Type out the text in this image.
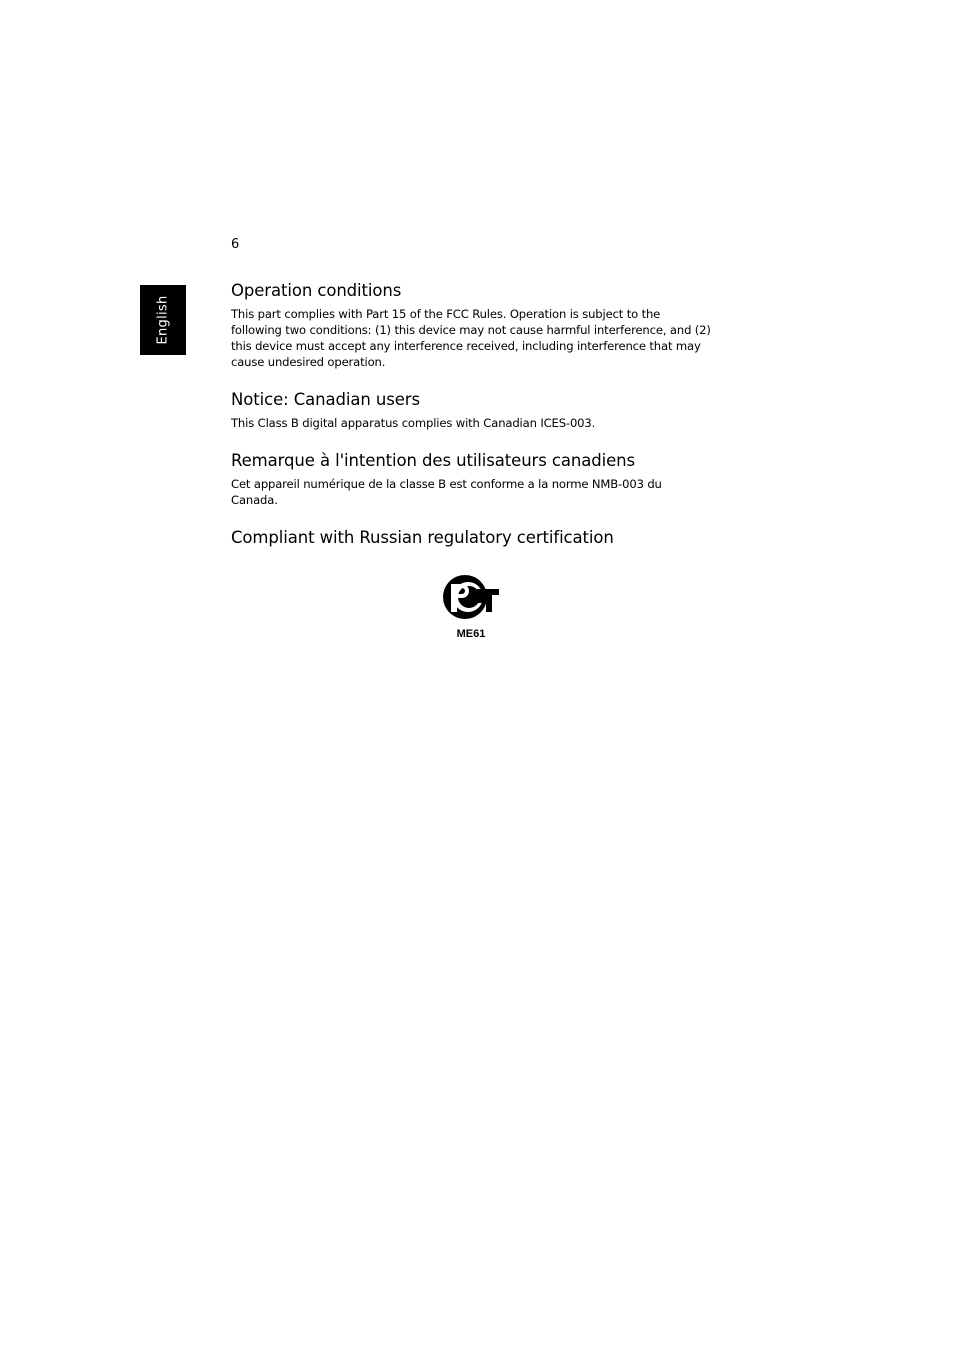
6
English
Operation conditions

This part complies with Part 15 of the FCC Rules. Operation is subject to the following two conditions: (1) this device may not cause harmful interference, and (2) this device must accept any interference received, including interference that may cause undesired operation.

Notice: Canadian users

This Class B digital apparatus complies with Canadian ICES-003.

Remarque à l'intention des utilisateurs canadiens

Cet appareil numérique de la classe B est conforme a la norme NMB-003 du Canada.

Compliant with Russian regulatory certification
ME61
